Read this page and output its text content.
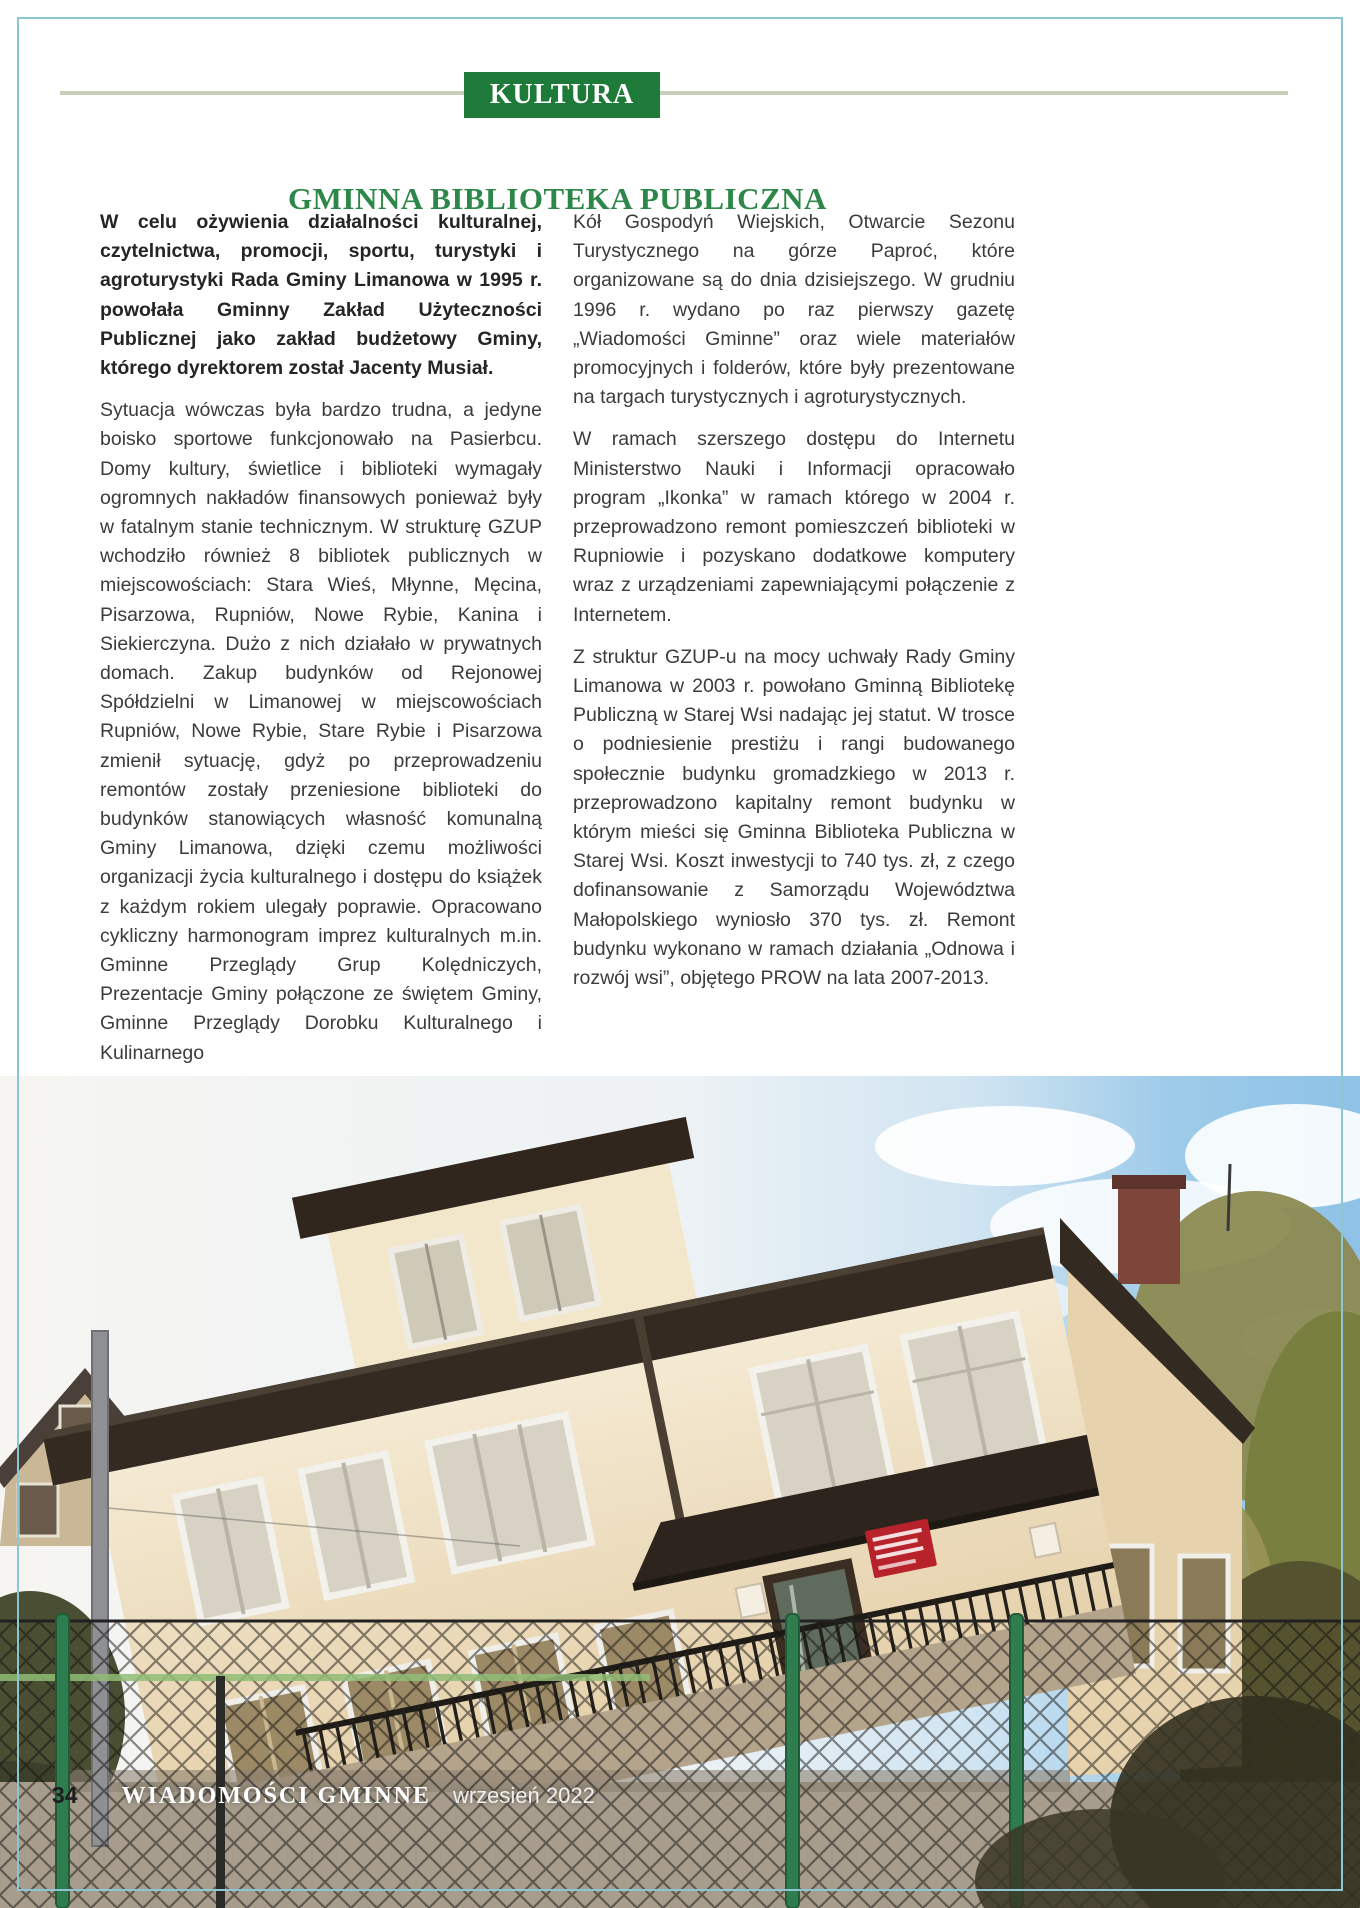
KULTURA
GMINNA BIBLIOTEKA PUBLICZNA

W celu ożywienia działalności kulturalnej, czytelnictwa, promocji, sportu, turystyki i agroturystyki Rada Gminy Limanowa w 1995 r. powołała Gminny Zakład Użyteczności Publicznej jako zakład budżetowy Gminy, którego dyrektorem został Jacenty Musiał.

Sytuacja wówczas była bardzo trudna, a jedyne boisko sportowe funkcjonowało na Pasierbcu. Domy kultury, świetlice i biblioteki wymagały ogromnych nakładów finansowych ponieważ były w fatalnym stanie technicznym. W strukturę GZUP wchodziło również 8 bibliotek publicznych w miejscowościach: Stara Wieś, Młynne, Męcina, Pisarzowa, Rupniów, Nowe Rybie, Kanina i Siekierczyna. Dużo z nich działało w prywatnych domach. Zakup budynków od Rejonowej Spółdzielni w Limanowej w miejscowościach Rupniów, Nowe Rybie, Stare Rybie i Pisarzowa zmienił sytuację, gdyż po przeprowadzeniu remontów zostały przeniesione biblioteki do budynków stanowiących własność komunalną Gminy Limanowa, dzięki czemu możliwości organizacji życia kulturalnego i dostępu do książek z każdym rokiem ulegały poprawie. Opracowano cykliczny harmonogram imprez kulturalnych m.in. Gminne Przeglądy Grup Kolędniczych, Prezentacje Gminy połączone ze świętem Gminy, Gminne Przeglądy Dorobku Kulturalnego i Kulinarnego

Kół Gospodyń Wiejskich, Otwarcie Sezonu Turystycznego na górze Paproć, które organizowane są do dnia dzisiejszego. W grudniu 1996 r. wydano po raz pierwszy gazetę „Wiadomości Gminne” oraz wiele materiałów promocyjnych i folderów, które były prezentowane na targach turystycznych i agroturystycznych.

W ramach szerszego dostępu do Internetu Ministerstwo Nauki i Informacji opracowało program „Ikonka” w ramach którego w 2004 r. przeprowadzono remont pomieszczeń biblioteki w Rupniowie i pozyskano dodatkowe komputery wraz z urządzeniami zapewniającymi połączenie z Internetem.

Z struktur GZUP-u na mocy uchwały Rady Gminy Limanowa w 2003 r. powołano Gminną Bibliotekę Publiczną w Starej Wsi nadając jej statut. W trosce o podniesienie prestiżu i rangi budowanego społecznie budynku gromadzkiego w 2013 r. przeprowadzono kapitalny remont budynku w którym mieści się Gminna Biblioteka Publiczna w Starej Wsi. Koszt inwestycji to 740 tys. zł, z czego dofinansowanie z Samorządu Województwa Małopolskiego wyniosło 370 tys. zł. Remont budynku wykonano w ramach działania „Odnowa i rozwój wsi”, objętego PROW na lata 2007-2013.

34 WIADOMOŚCI GMINNE wrzesień 2022
